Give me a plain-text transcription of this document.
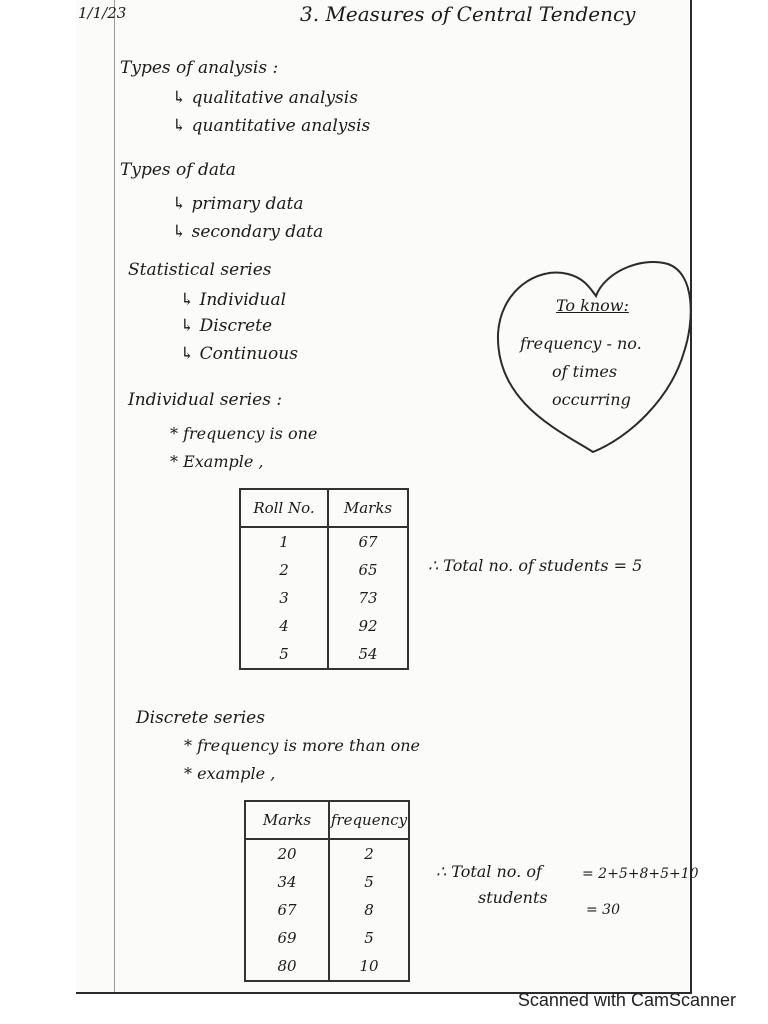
1/1/23	3. Measures of Central Tendency
Types of analysis :
↳ qualitative analysis
↳ quantitative analysis
Types of data
↳ primary data
↳ secondary data
Statistical series
↳ Individual
↳ Discrete
↳ Continuous
To know:
frequency - no.
of times
occurring
Individual series :
* frequency is one
* Example ,
Roll No.	Marks
1	67
2	65
3	73
4	92
5	54
∴ Total no. of students = 5
Discrete series
* frequency is more than one
* example ,
Marks	frequency
20	2
34	5
67	8
69	5
80	10
∴ Total no. of
students
= 2+5+8+5+10
= 30
Scanned with CamScanner
